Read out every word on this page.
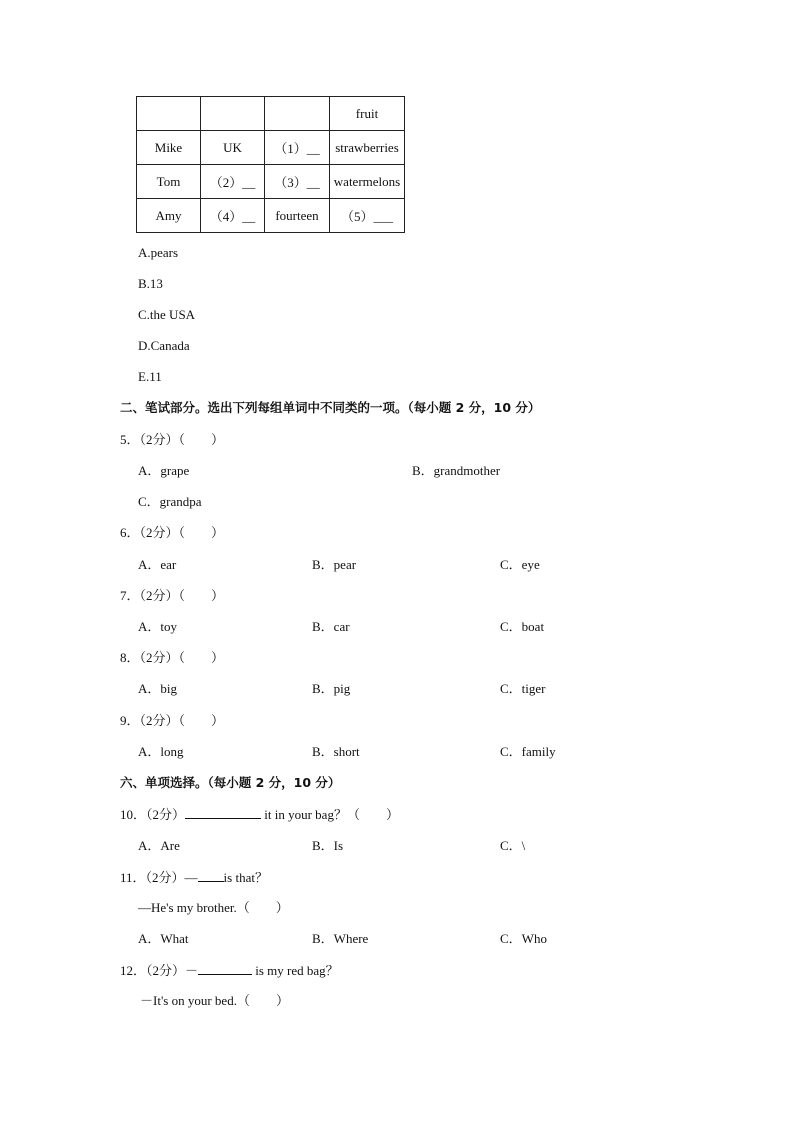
			fruit
Mike	UK	（1）__	strawberries
Tom	（2）__	（3）__	watermelons
Amy	（4）__	fourteen	（5）___
A.pears
B.13
C.the USA
D.Canada
E.11
二、笔试部分。选出下列每组单词中不同类的一项。（每小题 2 分，10 分）
5．（2分）（　　）
A．grape	B．grandmother
C．grandpa
6．（2分）（　　）
A．ear	B．pear	C．eye
7．（2分）（　　）
A．toy	B．car	C．boat
8．（2分）（　　）
A．big	B．pig	C．tiger
9．（2分）（　　）
A．long	B．short	C．family
六、单项选择。（每小题 2 分，10 分）
10．（2分）	it in your bag？（　　）
A．Are	B．Is	C．\
11．（2分）— is that？
—He's my brother.（　　）
A．What	B．Where	C．Who
12．（2分）－	is my red bag？
－It's on your bed.（　　）
